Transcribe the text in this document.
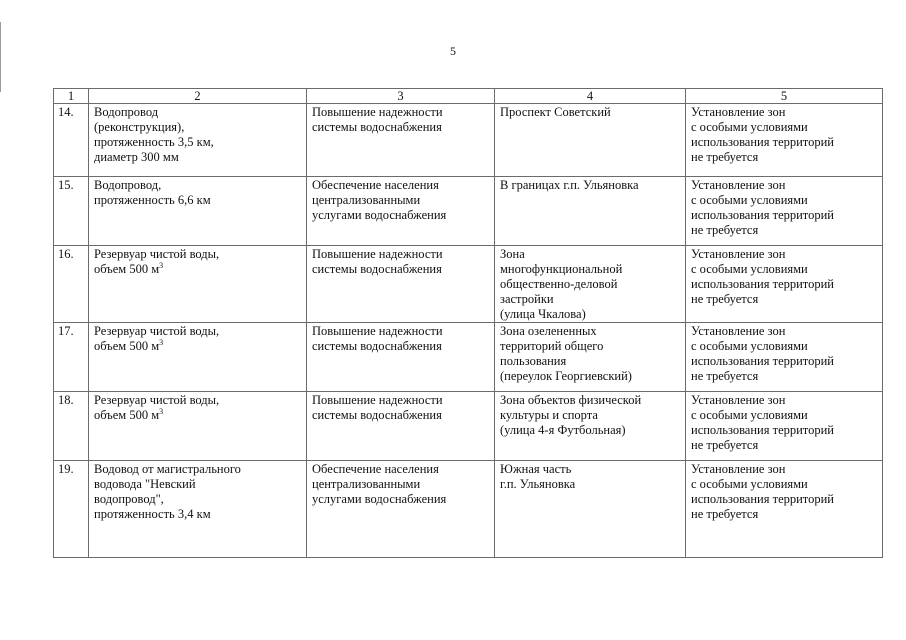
5
1	2	3	4	5
14.	Водопровод
(реконструкция),
протяженность 3,5 км,
диаметр 300 мм	Повышение надежности
системы водоснабжения	Проспект Советский	Установление зон
с особыми условиями
использования территорий
не требуется
15.	Водопровод,
протяженность 6,6 км	Обеспечение населения
централизованными
услугами водоснабжения	В границах г.п. Ульяновка	Установление зон
с особыми условиями
использования территорий
не требуется
16.	Резервуар чистой воды,
объем 500 $м^3$	Повышение надежности
системы водоснабжения	Зона
многофункциональной
общественно-деловой
застройки
(улица Чкалова)	Установление зон
с особыми условиями
использования территорий
не требуется
17.	Резервуар чистой воды,
объем 500 $м^3$	Повышение надежности
системы водоснабжения	Зона озелененных
территорий общего
пользования
(переулок Георгиевский)	Установление зон
с особыми условиями
использования территорий
не требуется
18.	Резервуар чистой воды,
объем 500 $м^3$	Повышение надежности
системы водоснабжения	Зона объектов физической
культуры и спорта
(улица 4-я Футбольная)	Установление зон
с особыми условиями
использования территорий
не требуется
19.	Водовод от магистрального
водовода "Невский
водопровод",
протяженность 3,4 км	Обеспечение населения
централизованными
услугами водоснабжения	Южная часть
г.п. Ульяновка	Установление зон
с особыми условиями
использования территорий
не требуется
